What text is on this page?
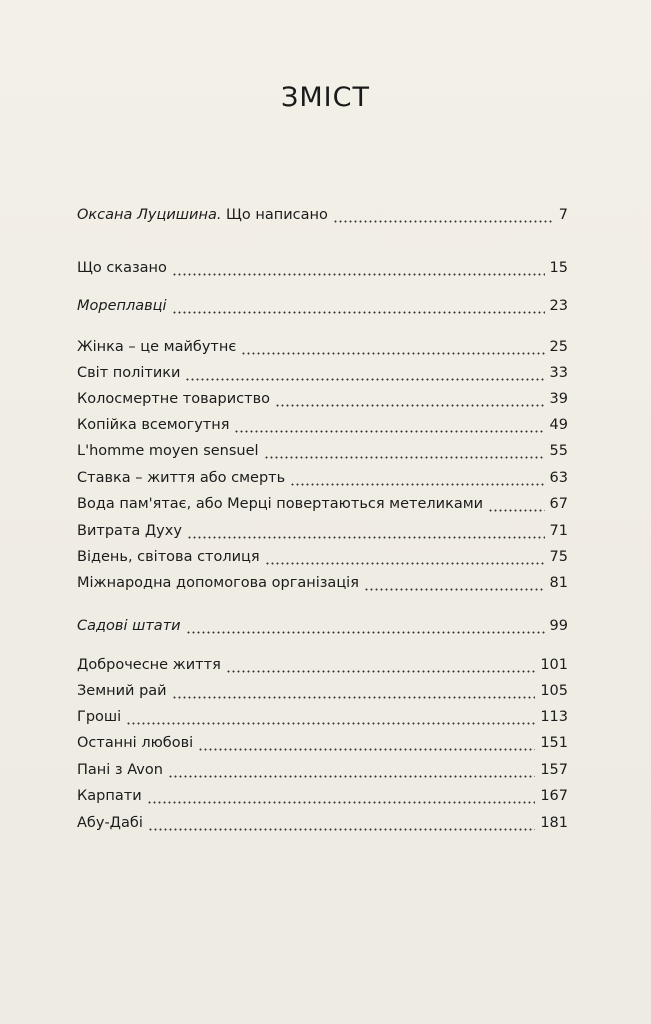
ЗМІСТ
Оксана Луцишина. Що написано	7
Що сказано	15
Мореплавці	23
Жінка – це майбутнє	25
Світ політики	33
Колосмертне товариство	39
Копійка всемогутня	49
L'homme moyen sensuel	55
Ставка – життя або смерть	63
Вода пам'ятає, або Мерці повертаються метеликами	67
Витрата Духу	71
Відень, світова столиця	75
Міжнародна допомогова організація	81
Садові штати	99
Доброчесне життя	101
Земний рай	105
Гроші	113
Останні любові	151
Пані з Avon	157
Карпати	167
Абу-Дабі	181
